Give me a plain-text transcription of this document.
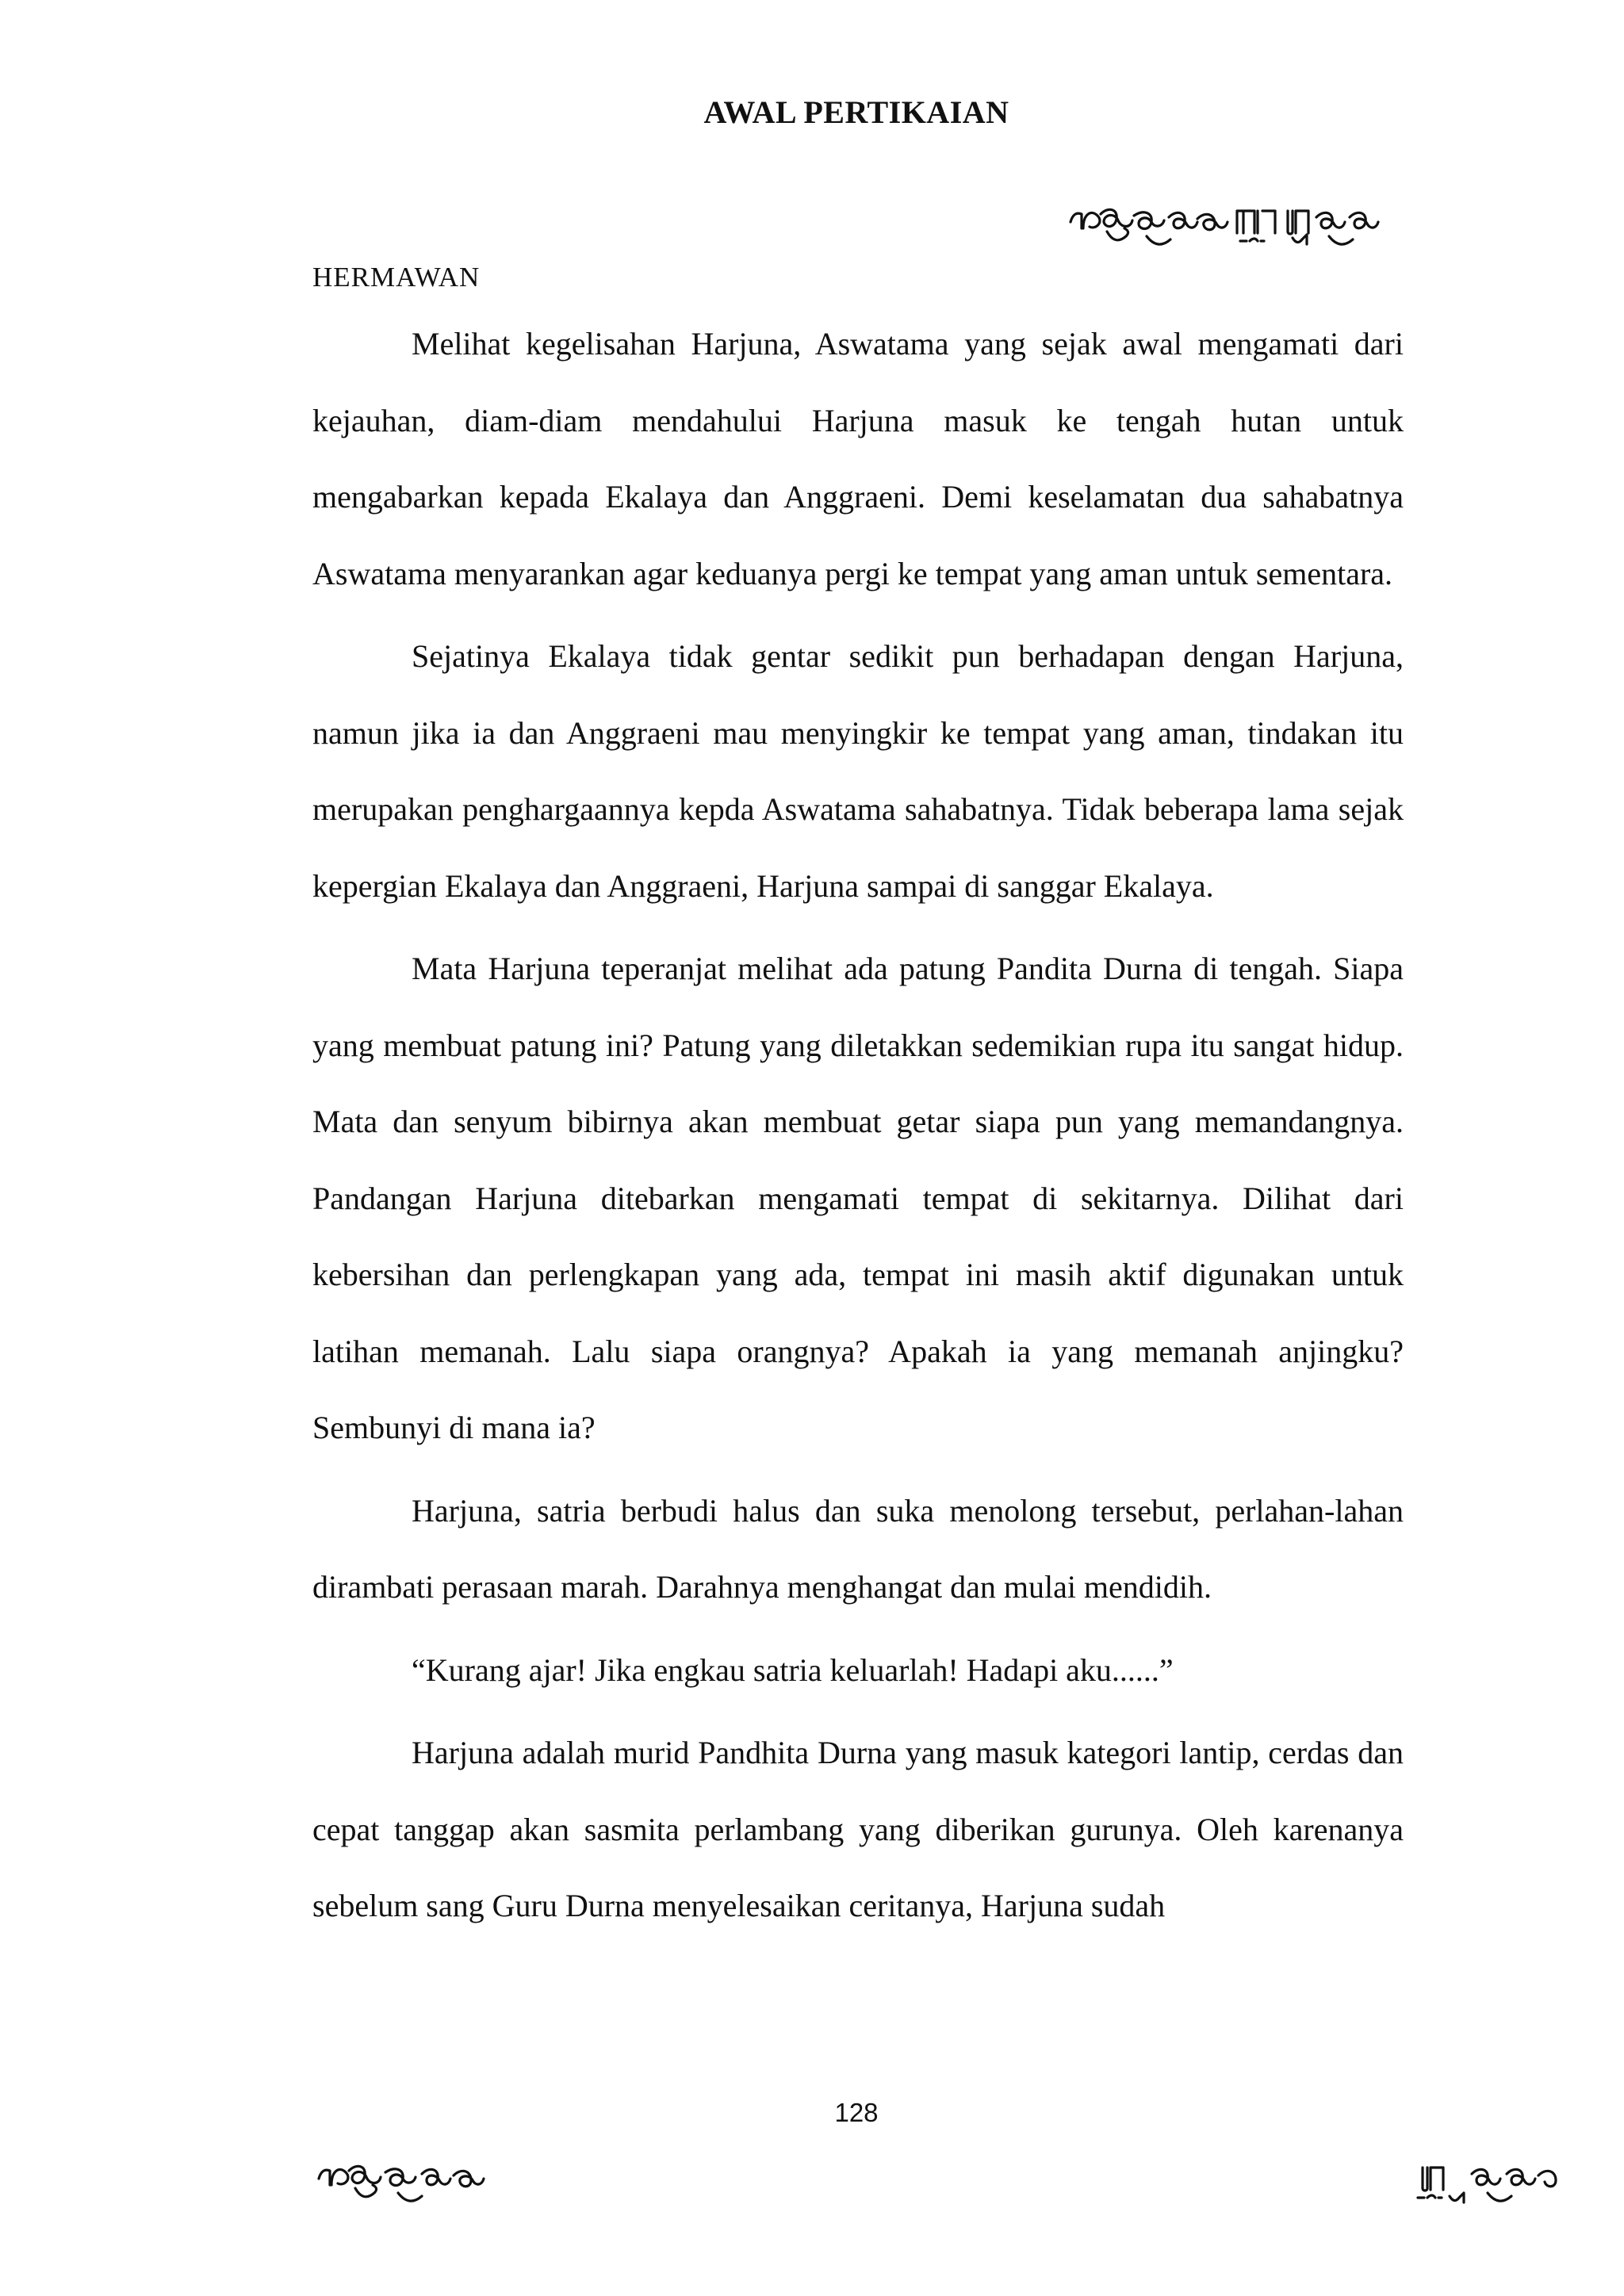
AWAL PERTIKAIAN
HERMAWAN

Melihat kegelisahan Harjuna, Aswatama yang sejak awal mengamati dari kejauhan, diam-diam mendahului Harjuna masuk ke tengah hutan untuk mengabarkan kepada Ekalaya dan Anggraeni. Demi keselamatan dua sahabatnya Aswatama menyarankan agar keduanya pergi ke tempat yang aman untuk sementara.

Sejatinya Ekalaya tidak gentar sedikit pun berhadapan dengan Harjuna, namun jika ia dan Anggraeni mau menyingkir ke tempat yang aman, tindakan itu merupakan penghargaannya kepda Aswatama sahabatnya. Tidak beberapa lama sejak kepergian Ekalaya dan Anggraeni, Harjuna sampai di sanggar Ekalaya.

Mata Harjuna teperanjat melihat ada patung Pandita Durna di tengah. Siapa yang membuat patung ini? Patung yang diletakkan sedemikian rupa itu sangat hidup. Mata dan senyum bibirnya akan membuat getar siapa pun yang memandangnya. Pandangan Harjuna ditebarkan mengamati tempat di sekitarnya. Dilihat dari kebersihan dan perlengkapan yang ada, tempat ini masih aktif digunakan untuk latihan memanah. Lalu siapa orangnya? Apakah ia yang memanah anjingku? Sembunyi di mana ia?

Harjuna, satria berbudi halus dan suka menolong tersebut, perlahan-lahan dirambati perasaan marah. Darahnya menghangat dan mulai mendidih.

“Kurang ajar! Jika engkau satria keluarlah! Hadapi aku......”

Harjuna adalah murid Pandhita Durna yang masuk kategori lantip, cerdas dan cepat tanggap akan sasmita perlambang yang diberikan gurunya. Oleh karenanya sebelum sang Guru Durna menyelesaikan ceritanya, Harjuna sudah

128
